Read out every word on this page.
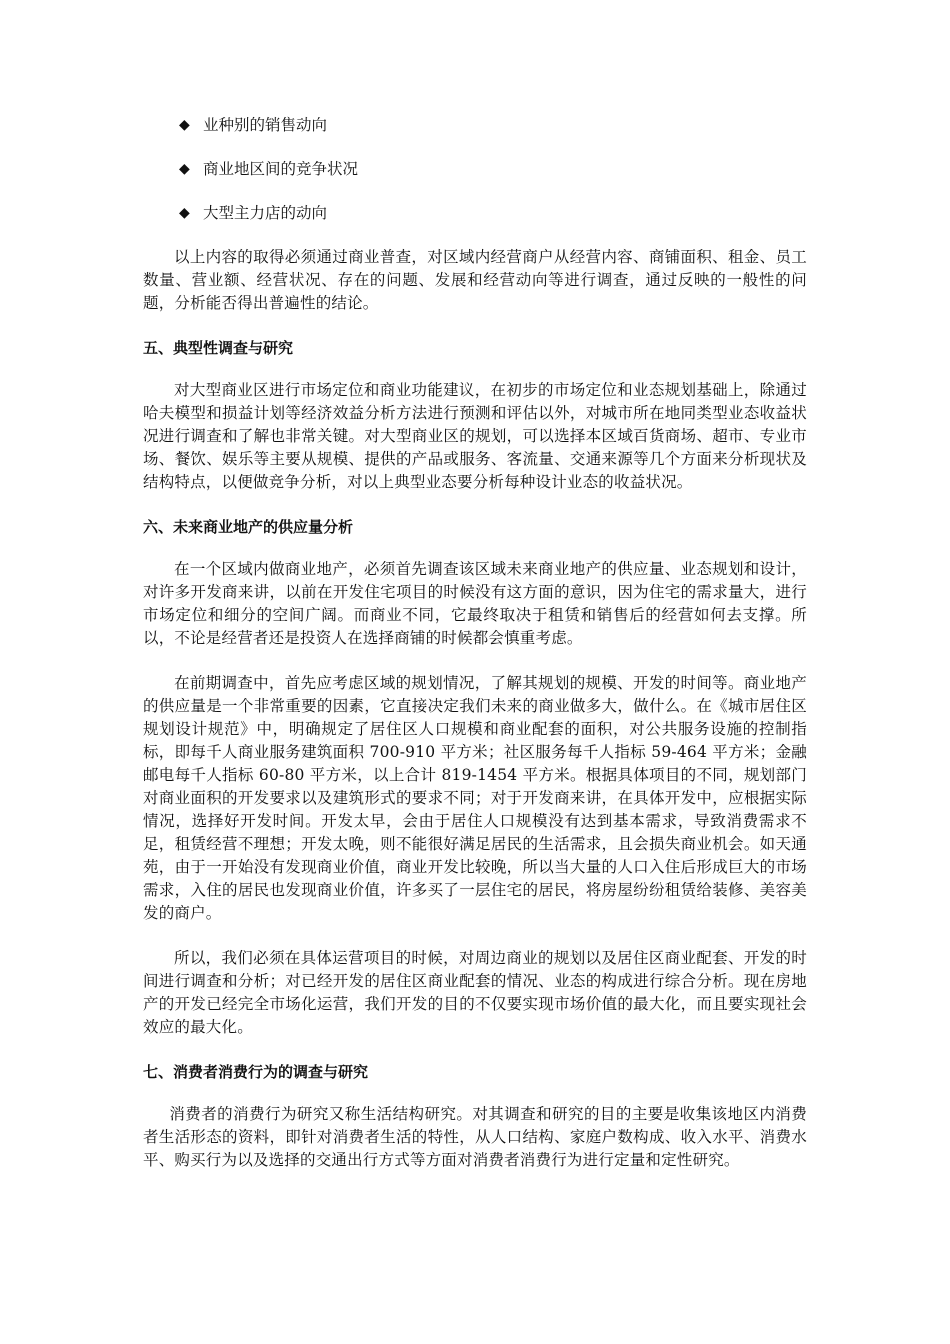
◆ 业种别的销售动向
◆ 商业地区间的竞争状况
◆ 大型主力店的动向

以上内容的取得必须通过商业普查，对区域内经营商户从经营内容、商铺面积、租金、员工数量、营业额、经营状况、存在的问题、发展和经营动向等进行调查，通过反映的一般性的问题，分析能否得出普遍性的结论。

五、典型性调查与研究

对大型商业区进行市场定位和商业功能建议，在初步的市场定位和业态规划基础上，除通过哈夫模型和损益计划等经济效益分析方法进行预测和评估以外，对城市所在地同类型业态收益状况进行调查和了解也非常关键。对大型商业区的规划，可以选择本区域百货商场、超市、专业市场、餐饮、娱乐等主要从规模、提供的产品或服务、客流量、交通来源等几个方面来分析现状及结构特点，以便做竞争分析，对以上典型业态要分析每种设计业态的收益状况。

六、未来商业地产的供应量分析

在一个区域内做商业地产，必须首先调查该区域未来商业地产的供应量、业态规划和设计，对许多开发商来讲，以前在开发住宅项目的时候没有这方面的意识，因为住宅的需求量大，进行市场定位和细分的空间广阔。而商业不同，它最终取决于租赁和销售后的经营如何去支撑。所以，不论是经营者还是投资人在选择商铺的时候都会慎重考虑。

在前期调查中，首先应考虑区域的规划情况，了解其规划的规模、开发的时间等。商业地产的供应量是一个非常重要的因素，它直接决定我们未来的商业做多大，做什么。在《城市居住区规划设计规范》中，明确规定了居住区人口规模和商业配套的面积，对公共服务设施的控制指标，即每千人商业服务建筑面积 700-910 平方米；社区服务每千人指标 59-464 平方米；金融邮电每千人指标 60-80 平方米，以上合计 819-1454 平方米。根据具体项目的不同，规划部门对商业面积的开发要求以及建筑形式的要求不同；对于开发商来讲，在具体开发中，应根据实际情况，选择好开发时间。开发太早，会由于居住人口规模没有达到基本需求，导致消费需求不足，租赁经营不理想；开发太晚，则不能很好满足居民的生活需求，且会损失商业机会。如天通苑，由于一开始没有发现商业价值，商业开发比较晚，所以当大量的人口入住后形成巨大的市场需求，入住的居民也发现商业价值，许多买了一层住宅的居民，将房屋纷纷租赁给装修、美容美发的商户。

所以，我们必须在具体运营项目的时候，对周边商业的规划以及居住区商业配套、开发的时间进行调查和分析；对已经开发的居住区商业配套的情况、业态的构成进行综合分析。现在房地产的开发已经完全市场化运营，我们开发的目的不仅要实现市场价值的最大化，而且要实现社会效应的最大化。

七、消费者消费行为的调查与研究

消费者的消费行为研究又称生活结构研究。对其调查和研究的目的主要是收集该地区内消费者生活形态的资料，即针对消费者生活的特性，从人口结构、家庭户数构成、收入水平、消费水平、购买行为以及选择的交通出行方式等方面对消费者消费行为进行定量和定性研究。
